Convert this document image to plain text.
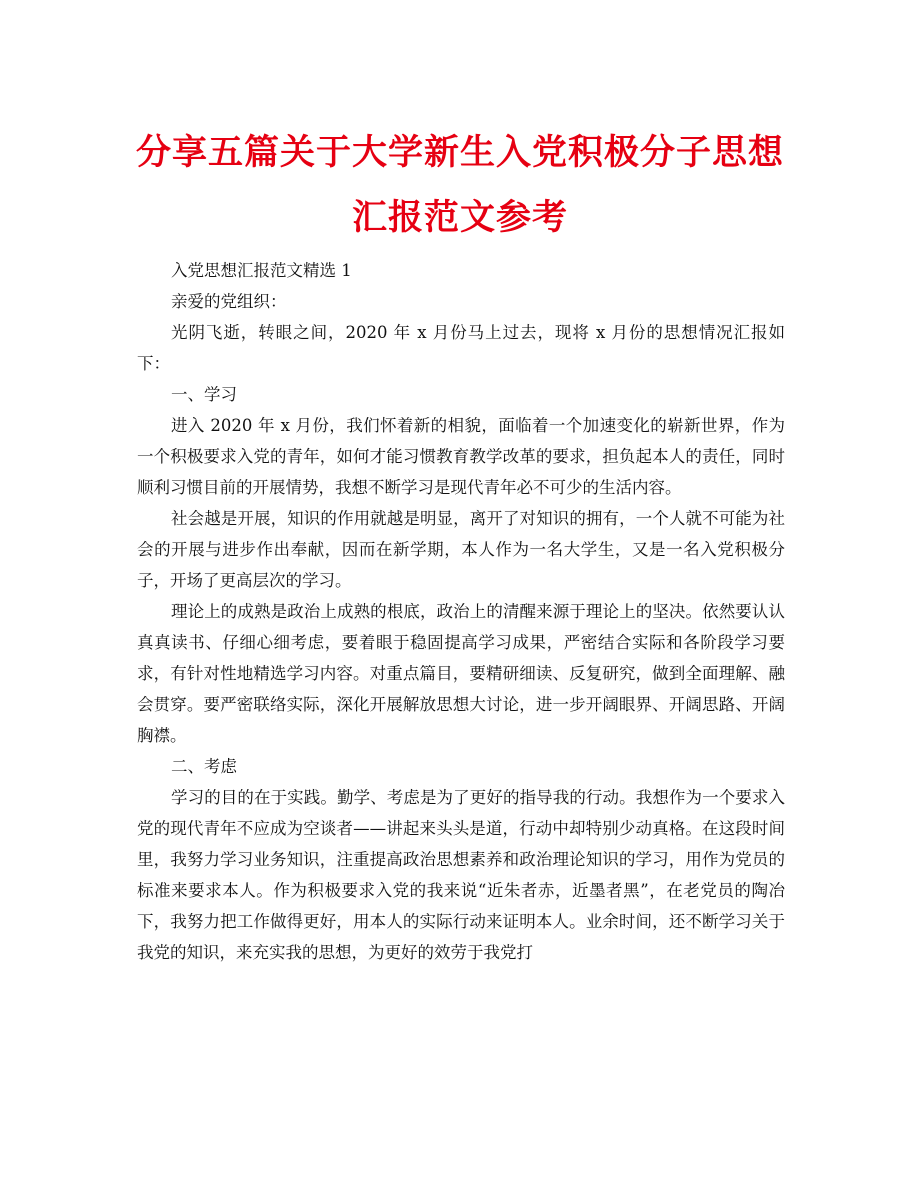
分享五篇关于大学新生入党积极分子思想
汇报范文参考

入党思想汇报范文精选 1

亲爱的党组织：

光阴飞逝，转眼之间，2020 年 x 月份马上过去，现将 x 月份的思想情况汇报如下：

一、学习

进入 2020 年 x 月份，我们怀着新的相貌，面临着一个加速变化的崭新世界，作为一个积极要求入党的青年，如何才能习惯教育教学改革的要求，担负起本人的责任，同时顺利习惯目前的开展情势，我想不断学习是现代青年必不可少的生活内容。

社会越是开展，知识的作用就越是明显，离开了对知识的拥有，一个人就不可能为社会的开展与进步作出奉献，因而在新学期，本人作为一名大学生，又是一名入党积极分子，开场了更高层次的学习。

理论上的成熟是政治上成熟的根底，政治上的清醒来源于理论上的坚决。依然要认认真真读书、仔细心细考虑，要着眼于稳固提高学习成果，严密结合实际和各阶段学习要求，有针对性地精选学习内容。对重点篇目，要精研细读、反复研究，做到全面理解、融会贯穿。要严密联络实际，深化开展解放思想大讨论，进一步开阔眼界、开阔思路、开阔胸襟。

二、考虑

学习的目的在于实践。勤学、考虑是为了更好的指导我的行动。我想作为一个要求入党的现代青年不应成为空谈者——讲起来头头是道，行动中却特别少动真格。在这段时间里，我努力学习业务知识，注重提高政治思想素养和政治理论知识的学习，用作为党员的标准来要求本人。作为积极要求入党的我来说“近朱者赤，近墨者黑”，在老党员的陶冶下，我努力把工作做得更好，用本人的实际行动来证明本人。业余时间，还不断学习关于我党的知识，来充实我的思想，为更好的效劳于我党打
